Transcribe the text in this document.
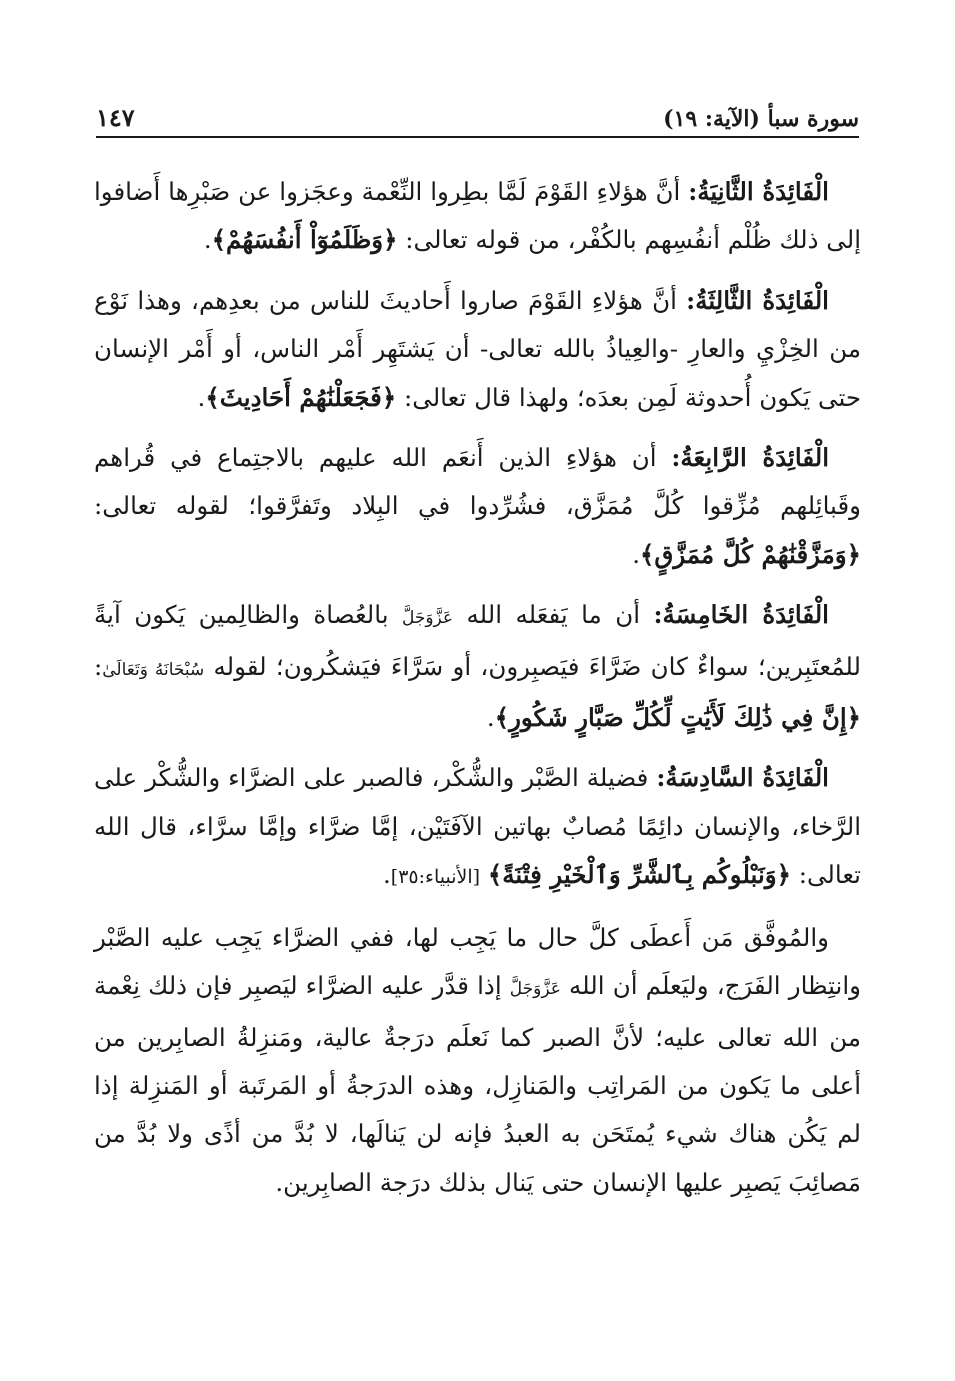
سورة سبأ (الآية: ١٩)
١٤٧

الْفَائِدَةُ الثَّانِيَةُ: أنَّ هؤلاءِ القَوْمَ لَمَّا بطِروا النِّعْمة وعجَزوا عن صَبْرِها أَضافوا إلى ذلك ظُلْم أنفُسِهم بالكُفْر، من قوله تعالى: ﴿وَظَلَمُوٓاْ أَنفُسَهُمْ﴾.

الْفَائِدَةُ الثَّالِثَةُ: أنَّ هؤلاءِ القَوْمَ صاروا أَحاديثَ للناس من بعدِهم، وهذا نَوْع من الخِزْيِ والعارِ -والعِياذُ بالله تعالى- أن يَشتَهِر أَمْر الناس، أو أَمْر الإنسان حتى يَكون أُحدوثة لَمِن بعدَه؛ ولهذا قال تعالى: ﴿فَجَعَلْنَٰهُمْ أَحَادِيثَ﴾.

الْفَائِدَةُ الرَّابِعَةُ: أن هؤلاءِ الذين أَنعَم الله عليهم بالاجتِماع في قُراهم وقَبائِلهم مُزِّقوا كُلَّ مُمَزَّق، فشُرِّدوا في البِلاد وتَفرَّقوا؛ لقوله تعالى: ﴿وَمَزَّقْنَٰهُمْ كُلَّ مُمَزَّقٍ﴾.

الْفَائِدَةُ الخَامِسَةُ: أن ما يَفعَله الله عَزَّوَجَلَّ بالعُصاة والظالِمين يَكون آيةً للمُعتَبِرين؛ سواءٌ كان ضَرَّاءَ فيَصبِرون، أو سَرَّاءَ فيَشكُرون؛ لقوله سُبْحَانَهُ وَتَعَالَىٰ: ﴿إِنَّ فِي ذَٰلِكَ لَأَيَٰتٍ لِّكُلِّ صَبَّارٍ شَكُورٍ﴾.

الْفَائِدَةُ السَّادِسَةُ: فضيلة الصَّبْر والشُّكْر، فالصبر على الضرَّاء والشُّكْر على الرَّخاء، والإنسان دائِمًا مُصابٌ بهاتين الآفَتَيْن، إمَّا ضرَّاء وإمَّا سرَّاء، قال الله تعالى: ﴿وَنَبْلُوكُم بِٱلشَّرِّ وَٱلْخَيْرِ فِتْنَةً﴾ [الأنبياء:٣٥].

والمُوفَّق مَن أَعطَى كلَّ حال ما يَجِب لها، ففي الضرَّاء يَجِب عليه الصَّبْر وانتِظار الفَرَج، وليَعلَم أن الله عَزَّوَجَلَّ إذا قدَّر عليه الضرَّاء ليَصبِر فإن ذلك نِعْمة من الله تعالى عليه؛ لأنَّ الصبر كما نَعلَم درَجةٌ عالية، ومَنزِلةُ الصابِرين من أعلى ما يَكون من المَراتِب والمَنازِل، وهذه الدرَجةُ أو المَرتَبة أو المَنزِلة إذا لم يَكُن هناك شيء يُمتَحَن به العبدُ فإنه لن يَنالَها، لا بُدَّ من أذًى ولا بُدَّ من مَصائِبَ يَصبِر عليها الإنسان حتى يَنال بذلك درَجة الصابِرين.
